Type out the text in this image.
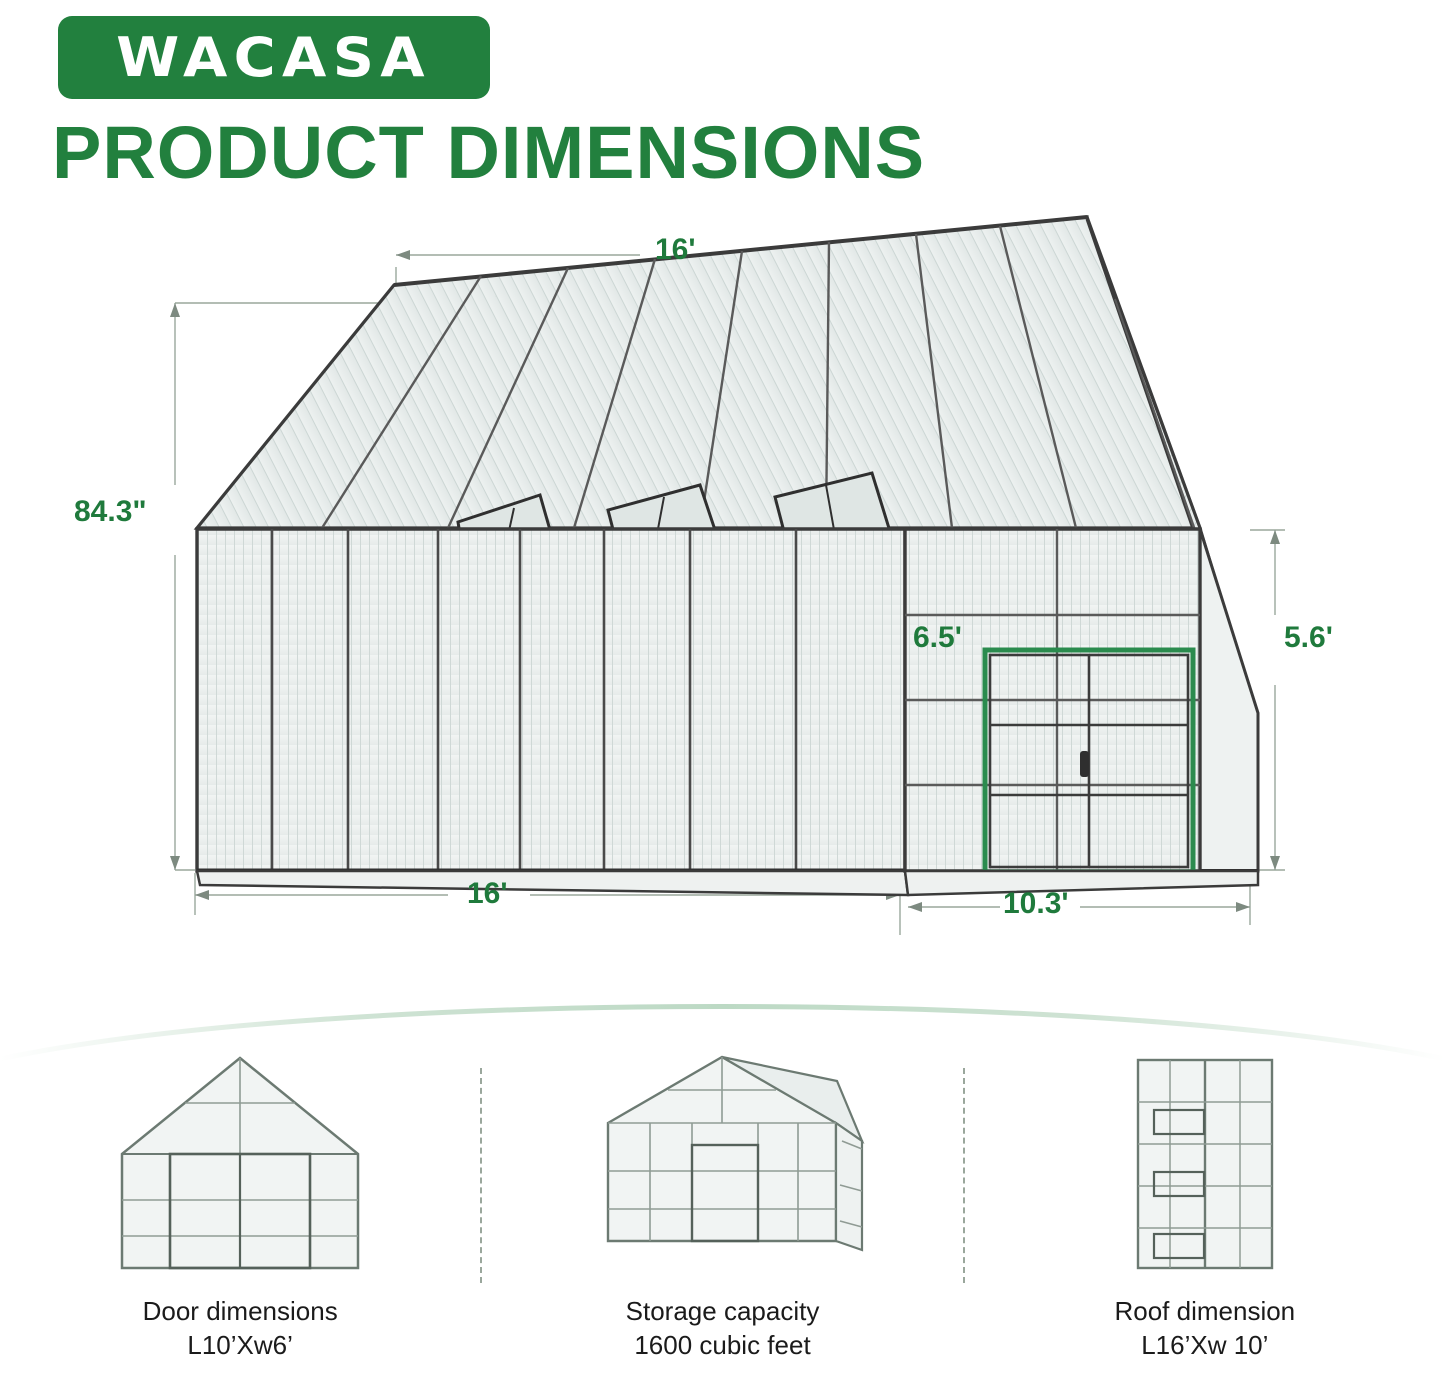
WACASA
PRODUCT DIMENSIONS
16'
84.3"
6.5'	5.6'
16'	10.3'
Door dimensions
L10’Xw6’
Storage capacity
1600 cubic feet
Roof dimension
L16’Xw 10’
